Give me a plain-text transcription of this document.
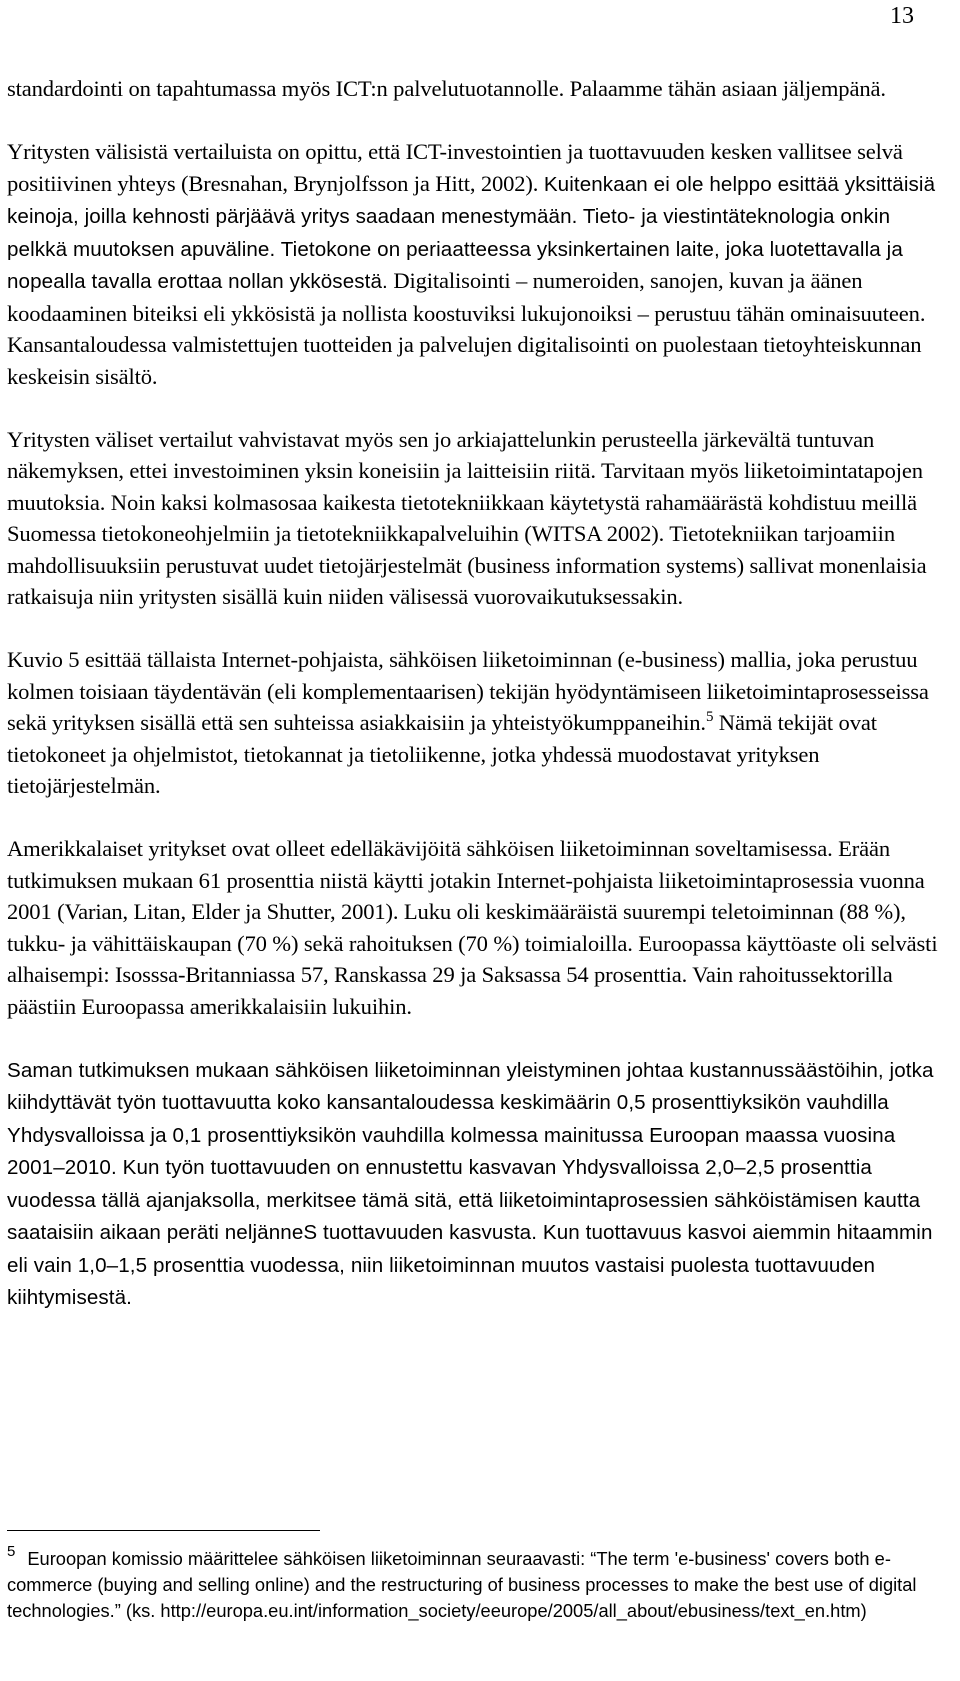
13

standardointi on tapahtumassa myös ICT:n palvelutuotannolle. Palaamme tähän asiaan jäljempänä.

Yritysten välisistä vertailuista on opittu, että ICT-investointien ja tuottavuuden kesken vallitsee selvä positiivinen yhteys (Bresnahan, Brynjolfsson ja Hitt, 2002). Kuitenkaan ei ole helppo esittää yksittäisiä keinoja, joilla kehnosti pärjäävä yritys saadaan menestymään. Tieto- ja viestintäteknologia onkin pelkkä muutoksen apuväline. Tietokone on periaatteessa yksinkertainen laite, joka luotettavalla ja nopealla tavalla erottaa nollan ykkösestä. Digitalisointi – numeroiden, sanojen, kuvan ja äänen koodaaminen biteiksi eli ykkösistä ja nollista koostuviksi lukujonoiksi – perustuu tähän ominaisuuteen. Kansantaloudessa valmistettujen tuotteiden ja palvelujen digitalisointi on puolestaan tietoyhteiskunnan keskeisin sisältö.

Yritysten väliset vertailut vahvistavat myös sen jo arkiajattelunkin perusteella järkevältä tuntuvan näkemyksen, ettei investoiminen yksin koneisiin ja laitteisiin riitä. Tarvitaan myös liiketoimintatapojen muutoksia. Noin kaksi kolmasosaa kaikesta tietotekniikkaan käytetystä rahamäärästä kohdistuu meillä Suomessa tietokoneohjelmiin ja tietotekniikkapalveluihin (WITSA 2002). Tietotekniikan tarjoamiin mahdollisuuksiin perustuvat uudet tietojärjestelmät (business information systems) sallivat monenlaisia ratkaisuja niin yritysten sisällä kuin niiden välisessä vuorovaikutuksessakin.

Kuvio 5 esittää tällaista Internet-pohjaista, sähköisen liiketoiminnan (e-business) mallia, joka perustuu kolmen toisiaan täydentävän (eli komplementaarisen) tekijän hyödyntämiseen liiketoimintaprosesseissa sekä yrityksen sisällä että sen suhteissa asiakkaisiin ja yhteistyökumppaneihin.$^5$ Nämä tekijät ovat tietokoneet ja ohjelmistot, tietokannat ja tietoliikenne, jotka yhdessä muodostavat yrityksen tietojärjestelmän.

Amerikkalaiset yritykset ovat olleet edelläkävijöitä sähköisen liiketoiminnan soveltamisessa. Erään tutkimuksen mukaan 61 prosenttia niistä käytti jotakin Internet-pohjaista liiketoimintaprosessia vuonna 2001 (Varian, Litan, Elder ja Shutter, 2001). Luku oli keskimääräistä suurempi teletoiminnan (88 %), tukku- ja vähittäiskaupan (70 %) sekä rahoituksen (70 %) toimialoilla. Euroopassa käyttöaste oli selvästi alhaisempi: Isosssa-Britanniassa 57, Ranskassa 29 ja Saksassa 54 prosenttia. Vain rahoitussektorilla päästiin Euroopassa amerikkalaisiin lukuihin.

Saman tutkimuksen mukaan sähköisen liiketoiminnan yleistyminen johtaa kustannussäästöihin, jotka kiihdyttävät työn tuottavuutta koko kansantaloudessa keskimäärin 0,5 prosenttiyksikön vauhdilla Yhdysvalloissa ja 0,1 prosenttiyksikön vauhdilla kolmessa mainitussa Euroopan maassa vuosina 2001–2010. Kun työn tuottavuuden on ennustettu kasvavan Yhdysvalloissa 2,0–2,5 prosenttia vuodessa tällä ajanjaksolla, merkitsee tämä sitä, että liiketoimintaprosessien sähköistämisen kautta saataisiin aikaan peräti neljänneS tuottavuuden kasvusta. Kun tuottavuus kasvoi aiemmin hitaammin eli vain 1,0–1,5 prosenttia vuodessa, niin liiketoiminnan muutos vastaisi puolesta tuottavuuden kiihtymisestä.

$^5$ Euroopan komissio määrittelee sähköisen liiketoiminnan seuraavasti: “The term 'e-business' covers both e-commerce (buying and selling online) and the restructuring of business processes to make the best use of digital technologies.” (ks. http://europa.eu.int/information_society/eeurope/2005/all_about/ebusiness/text_en.htm)
